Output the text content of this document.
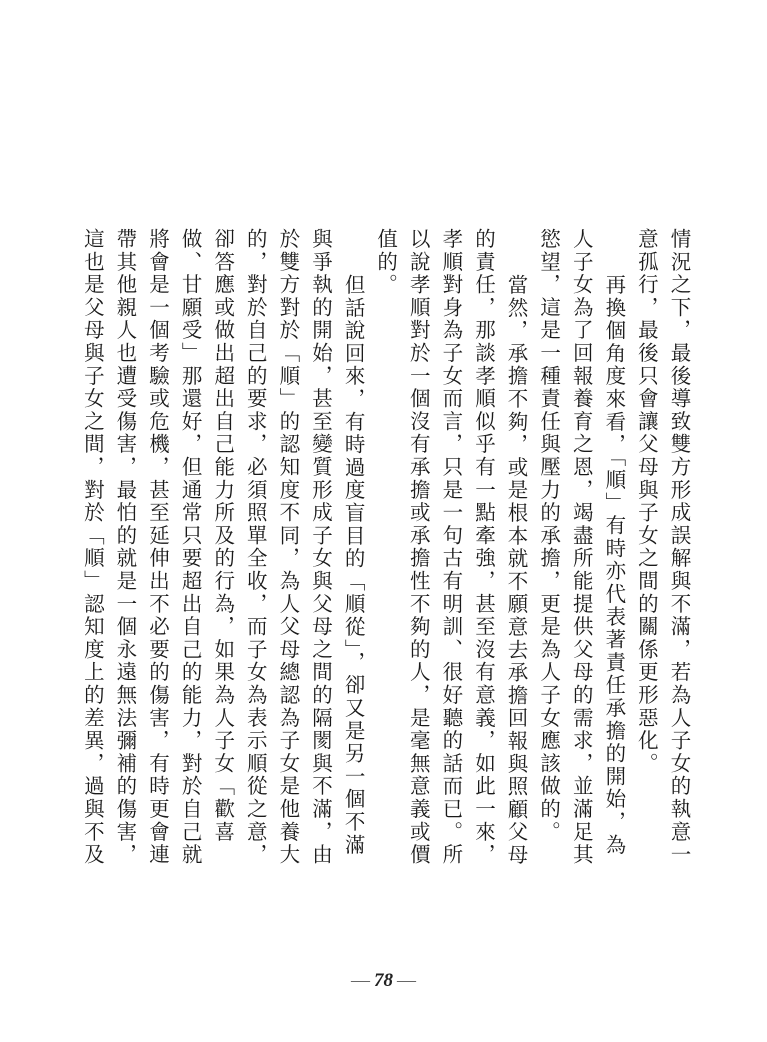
情況之下，最後導致雙方形成誤解與不滿，若為人子女的執意一
意孤行，最後只會讓父母與子女之間的關係更形惡化。
再換個角度來看，「順」有時亦代表著責任承擔的開始，為
人子女為了回報養育之恩，竭盡所能提供父母的需求，並滿足其
慾望，這是一種責任與壓力的承擔，更是為人子女應該做的。
當然，承擔不夠，或是根本就不願意去承擔回報與照顧父母
的責任，那談孝順似乎有一點牽強，甚至沒有意義，如此一來，
孝順對身為子女而言，只是一句古有明訓、很好聽的話而已。所
以說孝順對於一個沒有承擔或承擔性不夠的人，是毫無意義或價
值的。
但話說回來，有時過度盲目的「順從」，卻又是另一個不滿
與爭執的開始，甚至變質形成子女與父母之間的隔閡與不滿，由
於雙方對於「順」的認知度不同，為人父母總認為子女是他養大
的，對於自己的要求，必須照單全收，而子女為表示順從之意，
卻答應或做出超出自己能力所及的行為，如果為人子女「歡喜
做、甘願受」那還好，但通常只要超出自己的能力，對於自己就
將會是一個考驗或危機，甚至延伸出不必要的傷害，有時更會連
帶其他親人也遭受傷害，最怕的就是一個永遠無法彌補的傷害，
這也是父母與子女之間，對於「順」認知度上的差異，過與不及
— 78 —
